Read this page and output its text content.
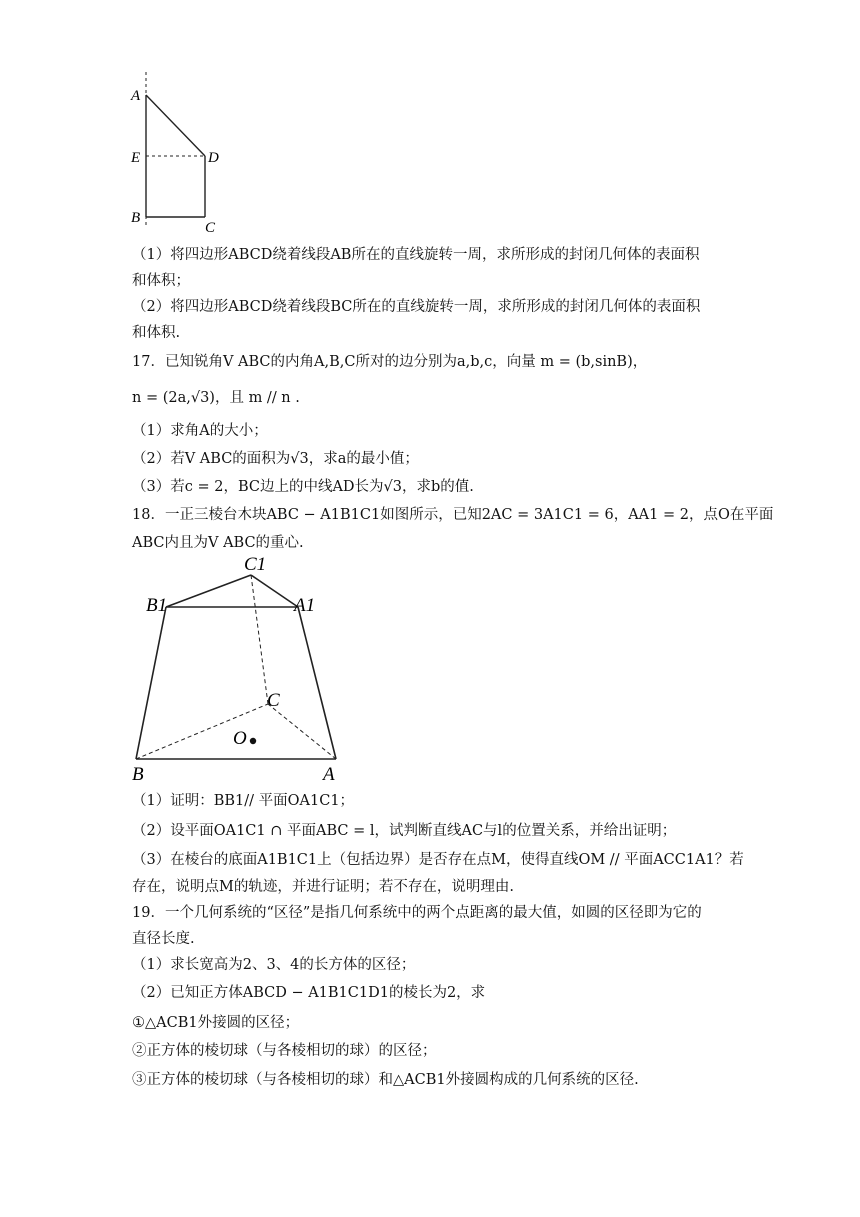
A
E	D
B
C
（1）将四边形ABCD绕着线段AB所在的直线旋转一周，求所形成的封闭几何体的表面积
和体积；
（2）将四边形ABCD绕着线段BC所在的直线旋转一周，求所形成的封闭几何体的表面积
和体积.
17．已知锐角V ABC的内角A,B,C所对的边分别为a,b,c，向量 m = (b,sinB)，
n = (2a,√3)，且 m // n .
（1）求角A的大小；
（2）若V ABC的面积为√3，求a的最小值；
（3）若c = 2，BC边上的中线AD长为√3，求b的值.
18．一正三棱台木块ABC − A1B1C1如图所示，已知2AC = 3A1C1 = 6，AA1 = 2，点O在平面
ABC内且为V ABC的重心.
C1
B1	A1
C
O
B	A
（1）证明：BB1// 平面OA1C1；
（2）设平面OA1C1 ∩ 平面ABC = l，试判断直线AC与l的位置关系，并给出证明；
（3）在棱台的底面A1B1C1上（包括边界）是否存在点M，使得直线OM // 平面ACC1A1？若
存在，说明点M的轨迹，并进行证明；若不存在，说明理由.
19．一个几何系统的“区径”是指几何系统中的两个点距离的最大值，如圆的区径即为它的
直径长度.
（1）求长宽高为2、3、4的长方体的区径；
（2）已知正方体ABCD − A1B1C1D1的棱长为2，求
①△ACB1外接圆的区径；
②正方体的棱切球（与各棱相切的球）的区径；
③正方体的棱切球（与各棱相切的球）和△ACB1外接圆构成的几何系统的区径.
